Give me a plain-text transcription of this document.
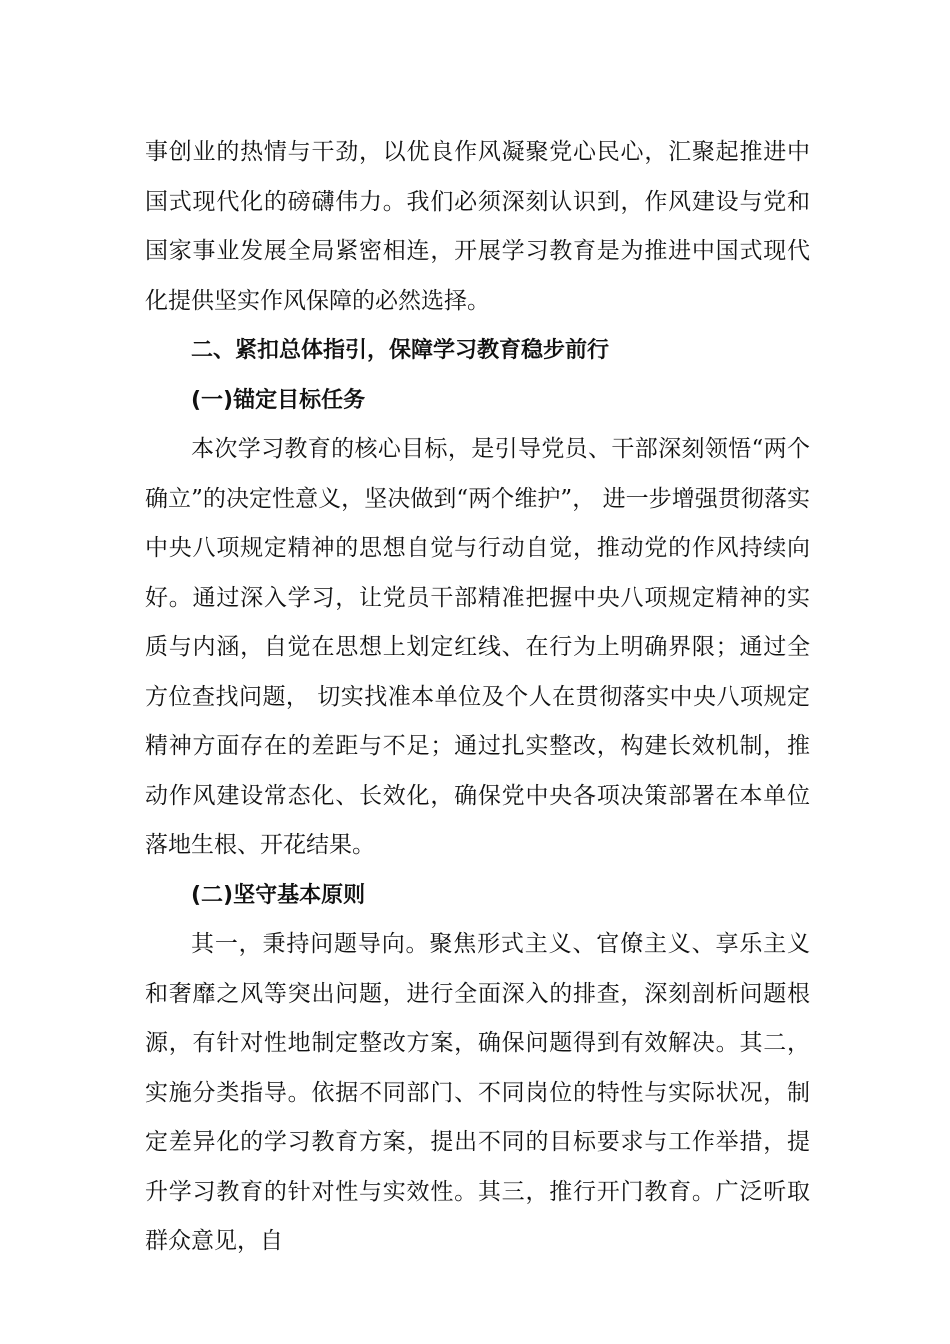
事创业的热情与干劲，以优良作风凝聚党心民心，汇聚起推进中国式现代化的磅礴伟力。我们必须深刻认识到，作风建设与党和国家事业发展全局紧密相连，开展学习教育是为推进中国式现代化提供坚实作风保障的必然选择。

二、紧扣总体指引，保障学习教育稳步前行

(一)锚定目标任务

本次学习教育的核心目标，是引导党员、干部深刻领悟“两个确立”的决定性意义，坚决做到“两个维护”， 进一步增强贯彻落实中央八项规定精神的思想自觉与行动自觉，推动党的作风持续向好。通过深入学习，让党员干部精准把握中央八项规定精神的实质与内涵，自觉在思想上划定红线、在行为上明确界限；通过全方位查找问题， 切实找准本单位及个人在贯彻落实中央八项规定精神方面存在的差距与不足；通过扎实整改，构建长效机制，推动作风建设常态化、长效化，确保党中央各项决策部署在本单位落地生根、开花结果。

(二)坚守基本原则

其一，秉持问题导向。聚焦形式主义、官僚主义、享乐主义和奢靡之风等突出问题，进行全面深入的排查，深刻剖析问题根源，有针对性地制定整改方案，确保问题得到有效解决。其二，实施分类指导。依据不同部门、不同岗位的特性与实际状况，制定差异化的学习教育方案，提出不同的目标要求与工作举措，提升学习教育的针对性与实效性。其三，推行开门教育。广泛听取群众意见，自
